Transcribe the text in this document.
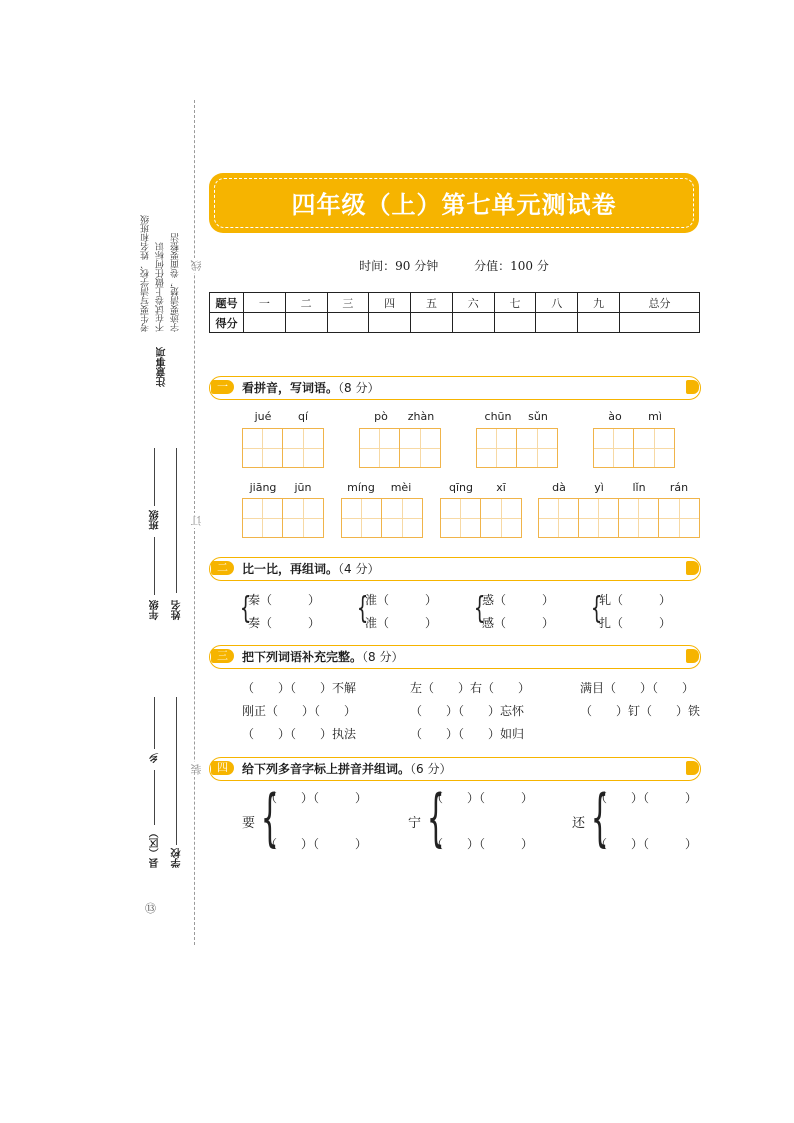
考生要写清学校、姓名和班级 不在试卷上做任何标识 字迹要清楚，卷面要整洁
注意事项
线
订
装
年级
班级
姓名
县（区）
乡
学校
⑬
四年级（上）第七单元测试卷
时间：90 分钟	分值：100 分
题号	一	二	三	四	五	六	七	八	九	总分
得分										
一	看拼音，写词语。（8 分）
jué	qí	pò	zhàn	chūn	sǔn	ào	mì
jiāng	jūn	míng	mèi	qīng	xī	dà	yì	lǐn	rán
二	比一比，再组词。（4 分）
{
秦（　　　）
奏（　　　） {
淮（　　　）
准（　　　） {
惑（　　　）
感（　　　） {
轧（　　　）
扎（　　　）
三	把下列词语补充完整。（8 分）
（　　）（　　）不解	左（　　）右（　　）	满目（　　）（　　）
刚正（　　）（　　）	（　　）（　　）忘怀	（　　）钉（　　）铁
（　　）（　　）执法	（　　）（　　）如归
四	给下列多音字标上拼音并组词。（6 分）
要 {
（　　）（　　　）
（　　）（　　　）
宁 {
（　　）（　　　）
（　　）（　　　）
还 {
（　　）（　　　）
（　　）（　　　）
